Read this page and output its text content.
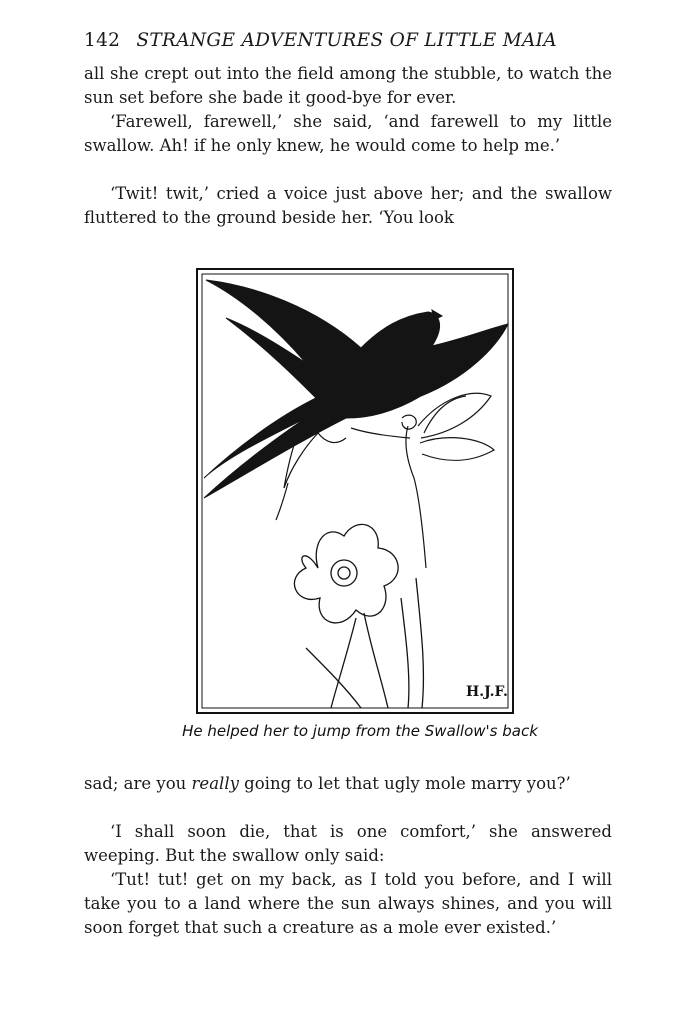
142 STRANGE ADVENTURES OF LITTLE MAIA

all she crept out into the field among the stubble, to watch the sun set before she bade it good-bye for ever.

‘Farewell, farewell,’ she said, ‘and farewell to my little swallow. Ah! if he only knew, he would come to help me.’

‘Twit! twit,’ cried a voice just above her; and the swallow fluttered to the ground beside her. ‘You look

H.J.F.
He helped her to jump from the Swallow's back

sad; are you really going to let that ugly mole marry you?’

‘I shall soon die, that is one comfort,’ she answered weeping. But the swallow only said:

‘Tut! tut! get on my back, as I told you before, and I will take you to a land where the sun always shines, and you will soon forget that such a creature as a mole ever existed.’
